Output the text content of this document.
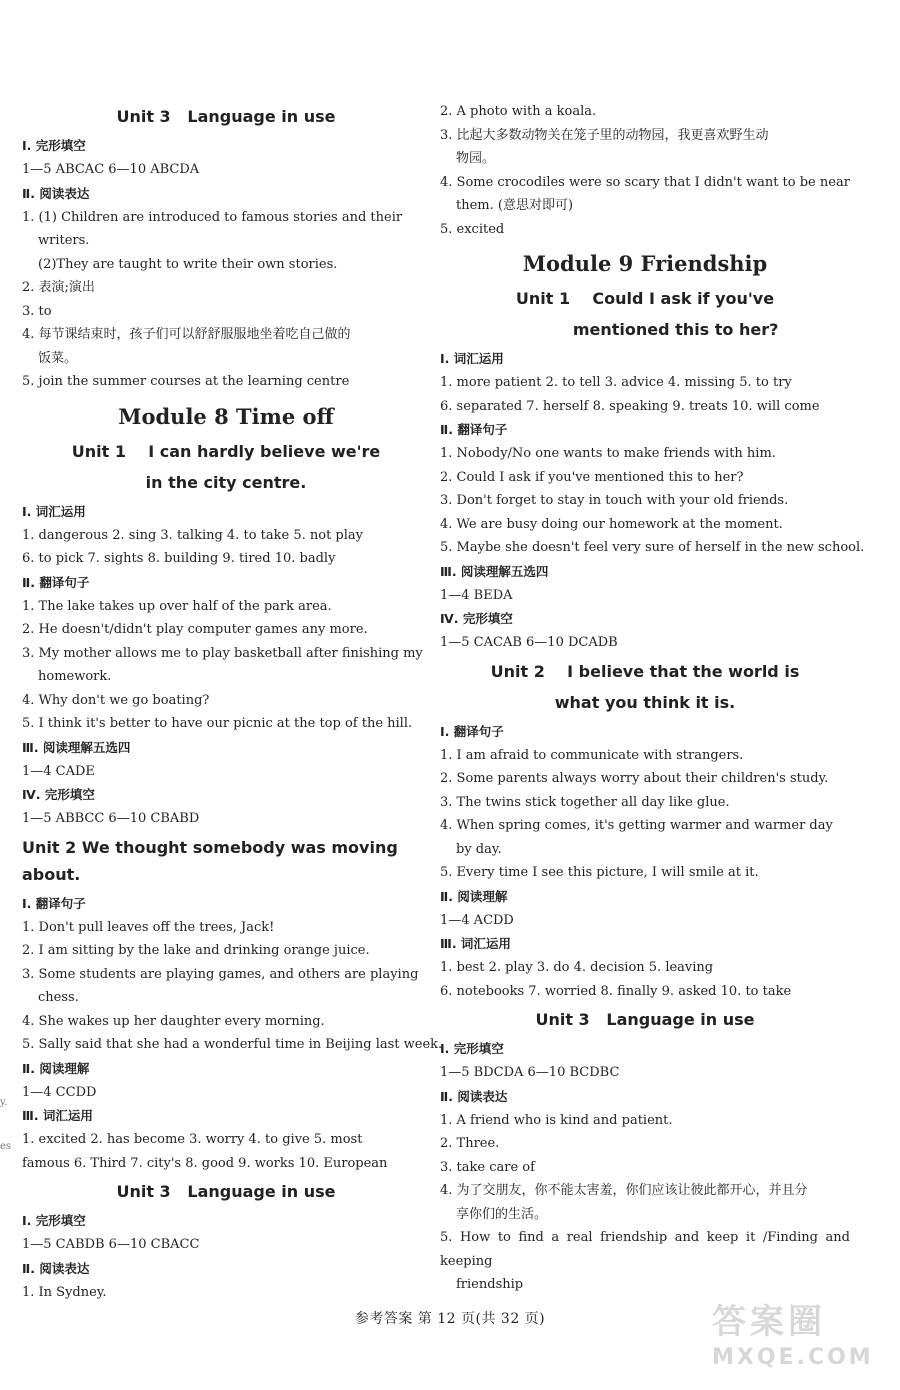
Unit 3   Language in use
Ⅰ. 完形填空
1—5 ABCAC 6—10 ABCDA
Ⅱ. 阅读表达
1. (1) Children are introduced to famous stories and their
writers.
(2)They are taught to write their own stories.
2. 表演;演出
3. to
4. 每节课结束时，孩子们可以舒舒服服地坐着吃自己做的
饭菜。
5. join the summer courses at the learning centre
Module 8 Time off
Unit 1    I can hardly believe we're
in the city centre.
Ⅰ. 词汇运用
1. dangerous 2. sing 3. talking 4. to take 5. not play
6. to pick 7. sights 8. building 9. tired 10. badly
Ⅱ. 翻译句子
1. The lake takes up over half of the park area.
2. He doesn't/didn't play computer games any more.
3. My mother allows me to play basketball after finishing my
homework.
4. Why don't we go boating?
5. I think it's better to have our picnic at the top of the hill.
Ⅲ. 阅读理解五选四
1—4 CADE
Ⅳ. 完形填空
1—5 ABBCC 6—10 CBABD
Unit 2 We thought somebody was moving about.
Ⅰ. 翻译句子
1. Don't pull leaves off the trees, Jack!
2. I am sitting by the lake and drinking orange juice.
3. Some students are playing games, and others are playing
chess.
4. She wakes up her daughter every morning.
5. Sally said that she had a wonderful time in Beijing last week.
Ⅱ. 阅读理解
1—4 CCDD
Ⅲ. 词汇运用
1. excited 2. has become 3. worry 4. to give 5. most
famous 6. Third 7. city's 8. good 9. works 10. European
Unit 3   Language in use
Ⅰ. 完形填空
1—5 CABDB 6—10 CBACC
Ⅱ. 阅读表达
1. In Sydney.
2. A photo with a koala.
3. 比起大多数动物关在笼子里的动物园，我更喜欢野生动
物园。
4. Some crocodiles were so scary that I didn't want to be near
them. (意思对即可)
5. excited
Module 9 Friendship
Unit 1    Could I ask if you've
mentioned this to her?
Ⅰ. 词汇运用
1. more patient 2. to tell 3. advice 4. missing 5. to try
6. separated 7. herself 8. speaking 9. treats 10. will come
Ⅱ. 翻译句子
1. Nobody/No one wants to make friends with him.
2. Could I ask if you've mentioned this to her?
3. Don't forget to stay in touch with your old friends.
4. We are busy doing our homework at the moment.
5. Maybe she doesn't feel very sure of herself in the new school.
Ⅲ. 阅读理解五选四
1—4 BEDA
Ⅳ. 完形填空
1—5 CACAB 6—10 DCADB
Unit 2    I believe that the world is
what you think it is.
Ⅰ. 翻译句子
1. I am afraid to communicate with strangers.
2. Some parents always worry about their children's study.
3. The twins stick together all day like glue.
4. When spring comes, it's getting warmer and warmer day
by day.
5. Every time I see this picture, I will smile at it.
Ⅱ. 阅读理解
1—4 ACDD
Ⅲ. 词汇运用
1. best 2. play 3. do 4. decision 5. leaving
6. notebooks 7. worried 8. finally 9. asked 10. to take
Unit 3   Language in use
Ⅰ. 完形填空
1—5 BDCDA 6—10 BCDBC
Ⅱ. 阅读表达
1. A friend who is kind and patient.
2. Three.
3. take care of
4. 为了交朋友，你不能太害羞，你们应该让彼此都开心，并且分
享你们的生活。
5. How to find a real friendship and keep it /Finding and keeping
friendship
y.
es
参考答案 第 12 页(共 32 页)	答案圈
MXQE.COM
